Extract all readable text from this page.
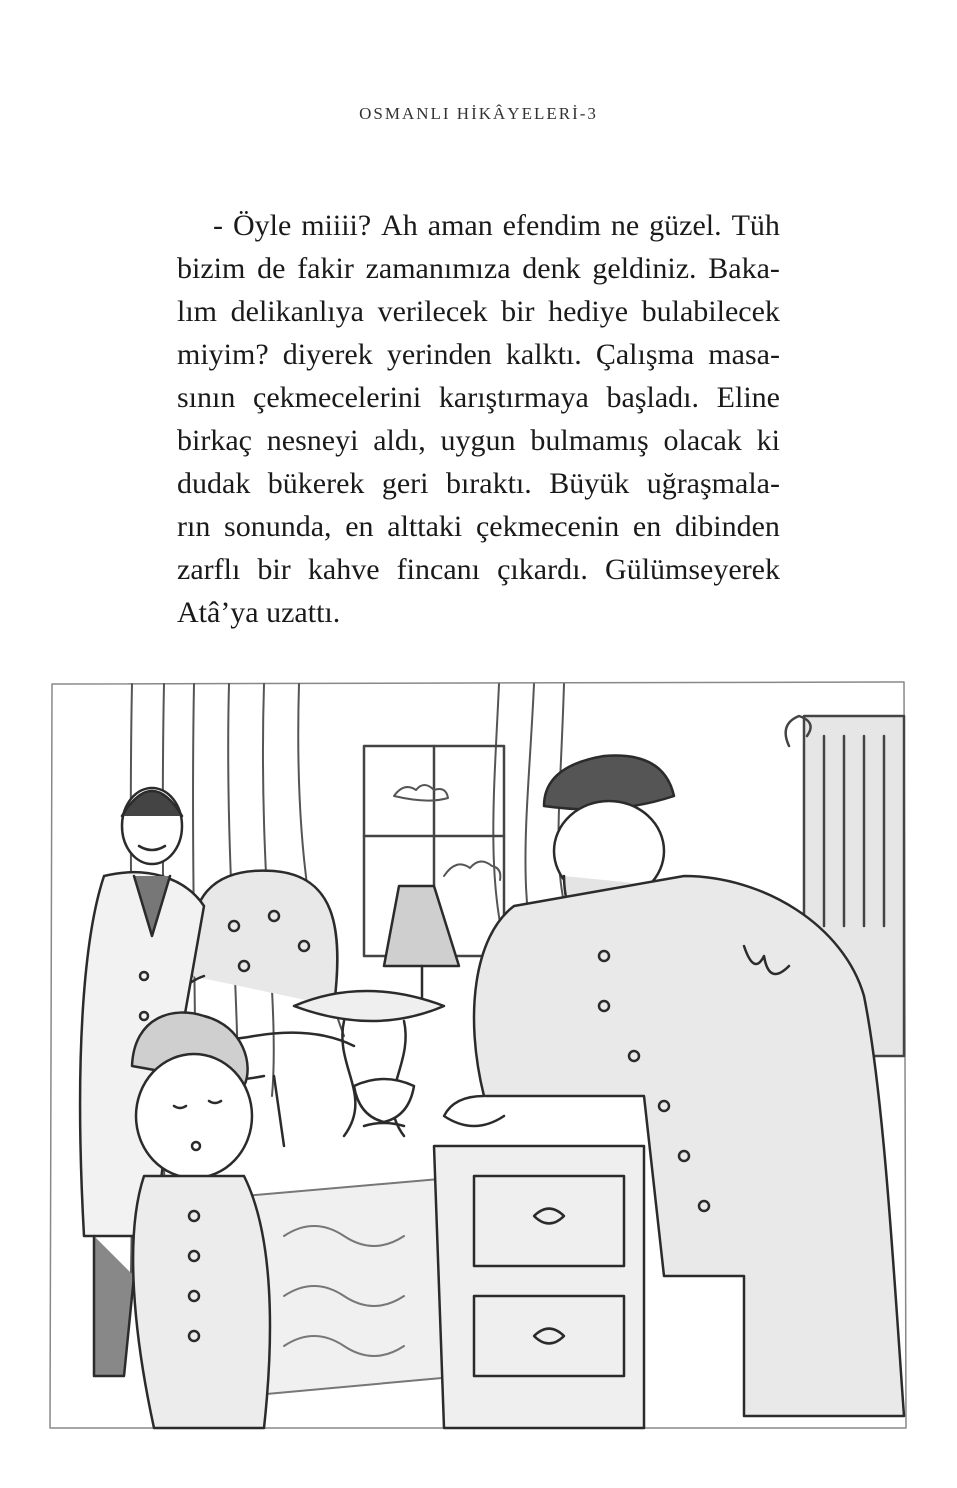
OSMANLI HİKÂYELERİ-3
- Öyle miiii? Ah aman efendim ne güzel. Tüh
bizim de fakir zamanımıza denk geldiniz. Baka-
lım delikanlıya verilecek bir hediye bulabilecek
miyim? diyerek yerinden kalktı. Çalışma masa-
sının çekmecelerini karıştırmaya başladı. Eline
birkaç nesneyi aldı, uygun bulmamış olacak ki
dudak bükerek geri bıraktı. Büyük uğraşmala-
rın sonunda, en alttaki çekmecenin en dibinden
zarflı bir kahve fincanı çıkardı. Gülümseyerek
Atâ’ya uzattı.
